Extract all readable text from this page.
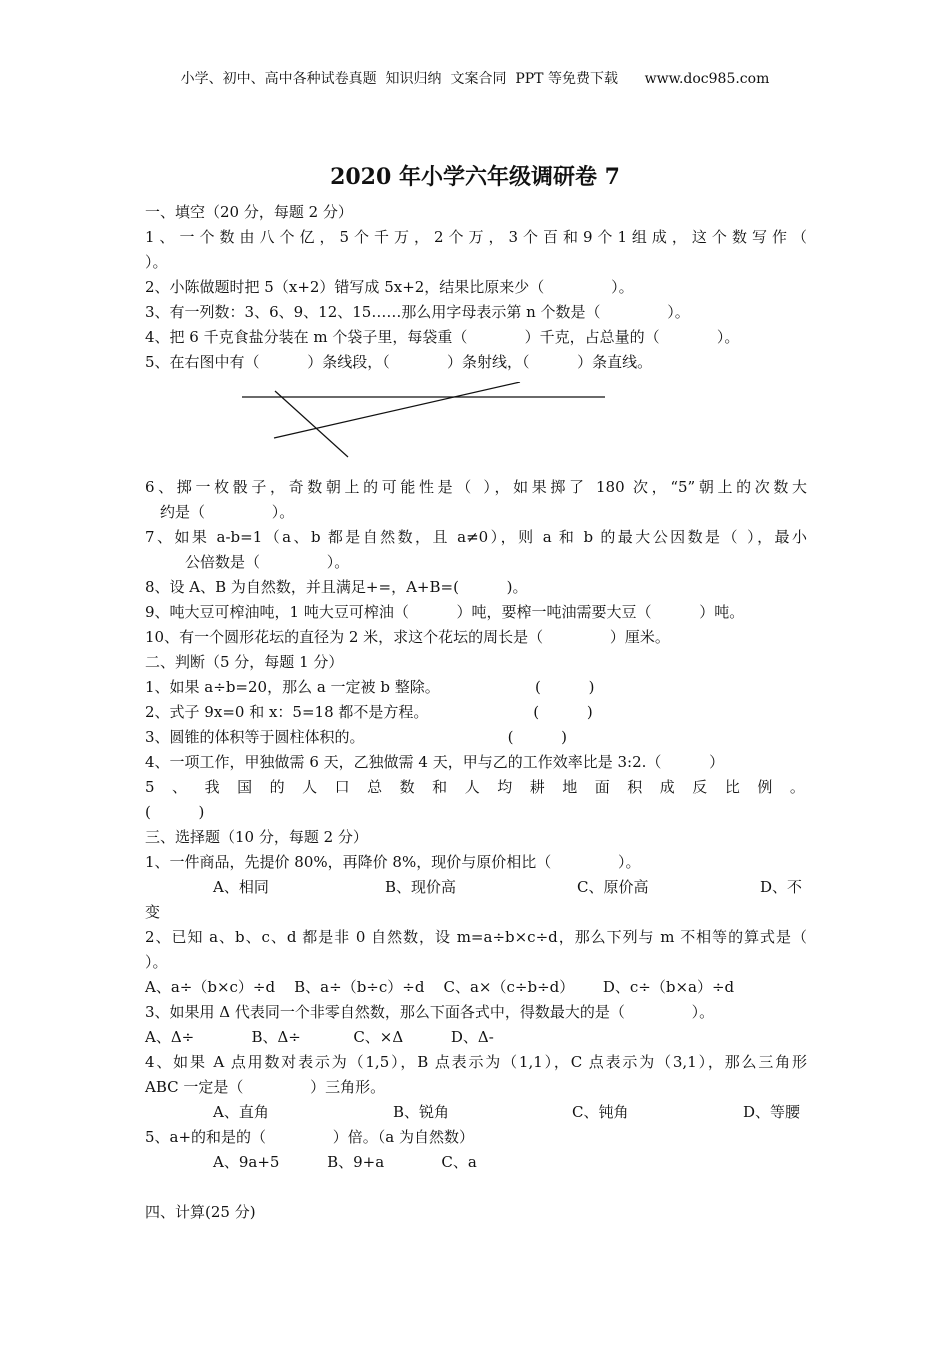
小学、初中、高中各种试卷真题  知识归纳  文案合同  PPT 等免费下载      www.doc985.com
2020 年小学六年级调研卷 7
一、填空（20 分，每题 2 分）
1 、 一 个 数 由 八 个 亿 ， 5 个 千 万 ， 2 个 万 ， 3 个 百 和 9 个 1 组 成 ， 这 个 数 写 作 （
）。
2、小陈做题时把 5（x+2）错写成 5x+2，结果比原来少（              ）。
3、有一列数：3、6、9、12、15……那么用字母表示第 n 个数是（              ）。
4、把 6 千克食盐分装在 m 个袋子里，每袋重（            ）千克，占总量的（            ）。
5、在右图中有（          ）条线段，（            ）条射线，（          ）条直线。
6、掷一枚骰子，奇数朝上的可能性是（ ），如果掷了 180 次，“5”朝上的次数大
约是（              ）。
7、如果 a-b=1（a、b 都是自然数，且 a≠0），则 a 和 b 的最大公因数是（ ），最小
公倍数是（              ）。
8、设 A、B 为自然数，并且满足+=，A+B=(          )。
9、吨大豆可榨油吨，1 吨大豆可榨油（          ）吨，要榨一吨油需要大豆（          ）吨。
10、有一个圆形花坛的直径为 2 米，求这个花坛的周长是（              ）厘米。
二、判断（5 分，每题 1 分）
1、如果 a÷b=20，那么 a 一定被 b 整除。                    (          )
2、式子 9x=0 和 x：5=18 都不是方程。                      (          )
3、圆锥的体积等于圆柱体积的。                              (          )
4、一项工作，甲独做需 6 天，乙独做需 4 天，甲与乙的工作效率比是 3:2.（          ）
5 、 我 国 的 人 口 总 数 和 人 均 耕 地 面 积 成 反 比 例 。
(          )
三、选择题（10 分，每题 2 分）
1、一件商品，先提价 80%，再降价 8%，现价与原价相比（              ）。
A、相同	B、现价高	C、原价高	D、不
变
2、已知 a、b、c、d 都是非 0 自然数，设 m=a÷b×c÷d，那么下列与 m 不相等的算式是（
）。
A、a÷（b×c）÷d    B、a÷（b÷c）÷d    C、a×（c÷b÷d）      D、c÷（b×a）÷d
3、如果用 Δ 代表同一个非零自然数，那么下面各式中，得数最大的是（              ）。
A、Δ÷            B、Δ÷           C、×Δ          D、Δ-
4、如果 A 点用数对表示为（1,5），B 点表示为（1,1），C 点表示为（3,1），那么三角形
ABC 一定是（              ）三角形。
A、直角	B、锐角	C、钝角	D、等腰
5、a+的和是的（              ）倍。（a 为自然数）
A、9a+5          B、9+a            C、a
四、计算(25 分)
